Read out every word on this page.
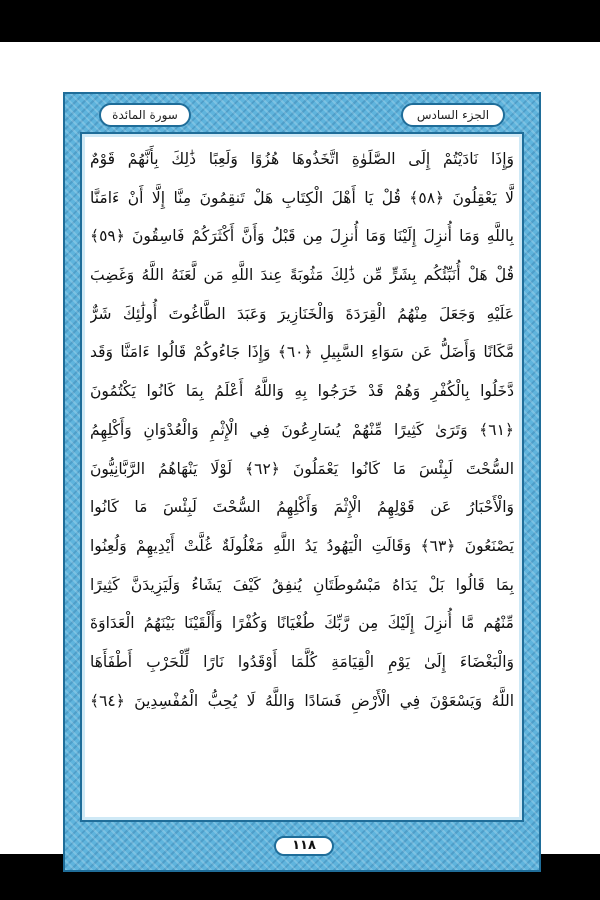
سورة المائدة	الجزء السادس
وَإِذَا نَادَيْتُمْ إِلَى الصَّلَوٰةِ اتَّخَذُوهَا هُزُوًا وَلَعِبًا ذَٰلِكَ بِأَنَّهُمْ قَوْمٌ
لَّا يَعْقِلُونَ ﴿٥٨﴾ قُلْ يَا أَهْلَ الْكِتَابِ هَلْ تَنقِمُونَ مِنَّا إِلَّا أَنْ ءَامَنَّا
بِاللَّهِ وَمَا أُنزِلَ إِلَيْنَا وَمَا أُنزِلَ مِن قَبْلُ وَأَنَّ أَكْثَرَكُمْ فَاسِقُونَ ﴿٥٩﴾
قُلْ هَلْ أُنَبِّئُكُم بِشَرٍّ مِّن ذَٰلِكَ مَثُوبَةً عِندَ اللَّهِ مَن لَّعَنَهُ اللَّهُ وَغَضِبَ
عَلَيْهِ وَجَعَلَ مِنْهُمُ الْقِرَدَةَ وَالْخَنَازِيرَ وَعَبَدَ الطَّاغُوتَ أُولَٰئِكَ شَرٌّ
مَّكَانًا وَأَضَلُّ عَن سَوَاءِ السَّبِيلِ ﴿٦٠﴾ وَإِذَا جَاءُوكُمْ قَالُوا ءَامَنَّا وَقَد
دَّخَلُوا بِالْكُفْرِ وَهُمْ قَدْ خَرَجُوا بِهِ وَاللَّهُ أَعْلَمُ بِمَا كَانُوا يَكْتُمُونَ
﴿٦١﴾ وَتَرَىٰ كَثِيرًا مِّنْهُمْ يُسَارِعُونَ فِي الْإِثْمِ وَالْعُدْوَانِ وَأَكْلِهِمُ
السُّحْتَ لَبِئْسَ مَا كَانُوا يَعْمَلُونَ ﴿٦٢﴾ لَوْلَا يَنْهَاهُمُ الرَّبَّانِيُّونَ
وَالْأَحْبَارُ عَن قَوْلِهِمُ الْإِثْمَ وَأَكْلِهِمُ السُّحْتَ لَبِئْسَ مَا كَانُوا
يَصْنَعُونَ ﴿٦٣﴾ وَقَالَتِ الْيَهُودُ يَدُ اللَّهِ مَغْلُولَةٌ غُلَّتْ أَيْدِيهِمْ وَلُعِنُوا
بِمَا قَالُوا بَلْ يَدَاهُ مَبْسُوطَتَانِ يُنفِقُ كَيْفَ يَشَاءُ وَلَيَزِيدَنَّ كَثِيرًا
مِّنْهُم مَّا أُنزِلَ إِلَيْكَ مِن رَّبِّكَ طُغْيَانًا وَكُفْرًا وَأَلْقَيْنَا بَيْنَهُمُ الْعَدَاوَةَ
وَالْبَغْضَاءَ إِلَىٰ يَوْمِ الْقِيَامَةِ كُلَّمَا أَوْقَدُوا نَارًا لِّلْحَرْبِ أَطْفَأَهَا
اللَّهُ وَيَسْعَوْنَ فِي الْأَرْضِ فَسَادًا وَاللَّهُ لَا يُحِبُّ الْمُفْسِدِينَ ﴿٦٤﴾
١١٨
